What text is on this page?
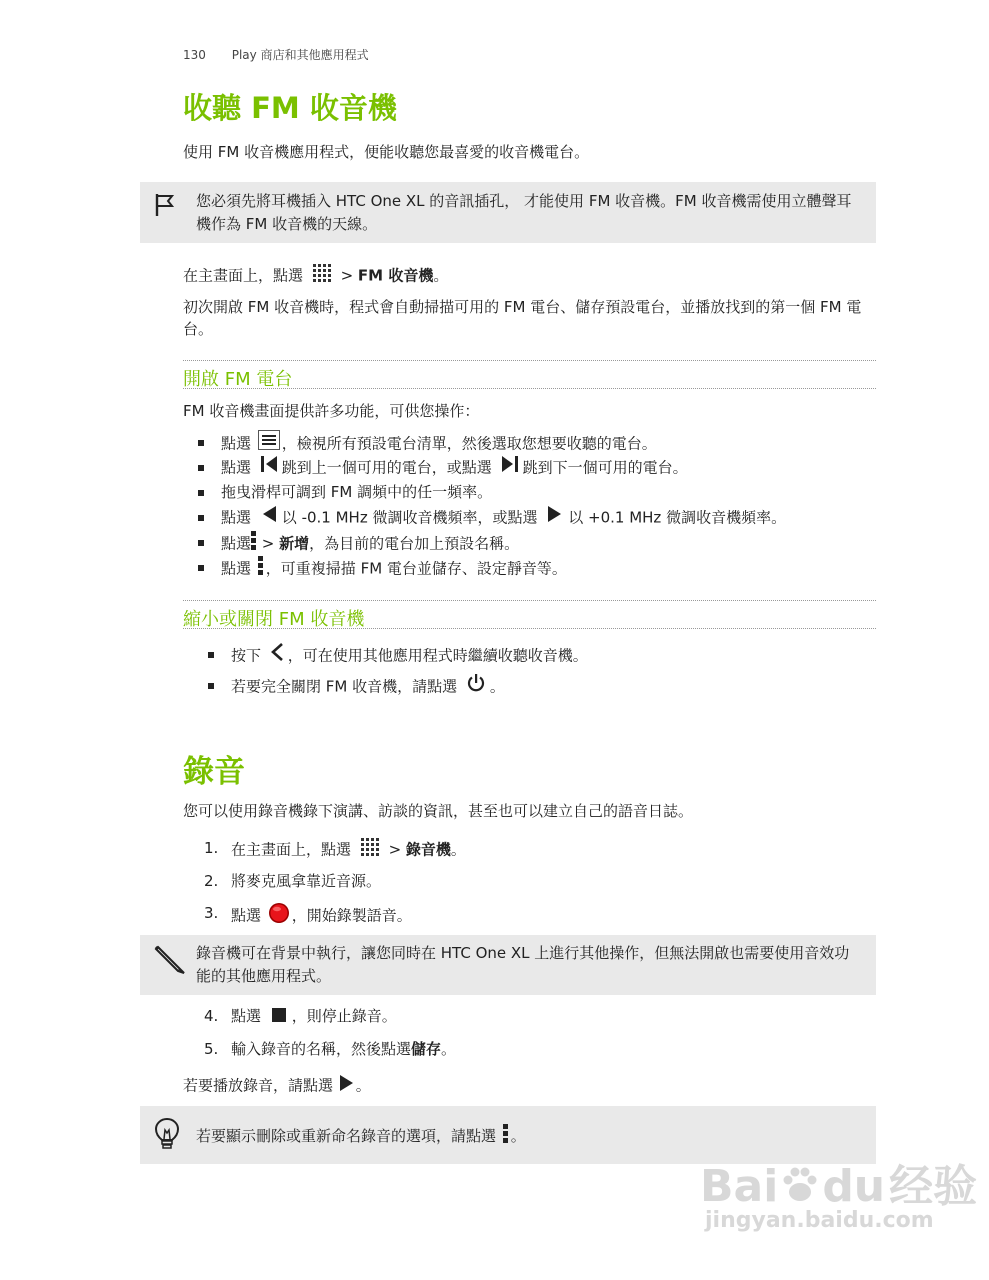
130 Play 商店和其他應用程式
收聽 FM 收音機
使用 FM 收音機應用程式，便能收聽您最喜愛的收音機電台。
您必須先將耳機插入 HTC One XL 的音訊插孔， 才能使用 FM 收音機。FM 收音機需使用立體聲耳機作為 FM 收音機的天線。
在主畫面上，點選	> FM 收音機。
初次開啟 FM 收音機時，程式會自動掃描可用的 FM 電台、儲存預設電台，並播放找到的第一個 FM 電台。
開啟 FM 電台
FM 收音機畫面提供許多功能，可供您操作：
點選 ，檢視所有預設電台清單，然後選取您想要收聽的電台。
點選 跳到上一個可用的電台，或點選 跳到下一個可用的電台。
拖曳滑桿可調到 FM 調頻中的任一頻率。
點選 以 -0.1 MHz 微調收音機頻率，或點選 以 +0.1 MHz 微調收音機頻率。
點選 > 新增，為目前的電台加上預設名稱。
點選 ，可重複掃描 FM 電台並儲存、設定靜音等。
縮小或關閉 FM 收音機
按下 ，可在使用其他應用程式時繼續收聽收音機。
若要完全關閉 FM 收音機，請點選 。
錄音
您可以使用錄音機錄下演講、訪談的資訊，甚至也可以建立自己的語音日誌。
1. 在主畫面上，點選  > 錄音機。
2. 將麥克風拿靠近音源。
3. 點選 ，開始錄製語音。
錄音機可在背景中執行，讓您同時在 HTC One XL 上進行其他操作，但無法開啟也需要使用音效功能的其他應用程式。
4. 點選 ，則停止錄音。
5. 輸入錄音的名稱，然後點選儲存。
若要播放錄音，請點選 。
若要顯示刪除或重新命名錄音的選項，請點選 。
Bai du经验
jingyan.baidu.com
